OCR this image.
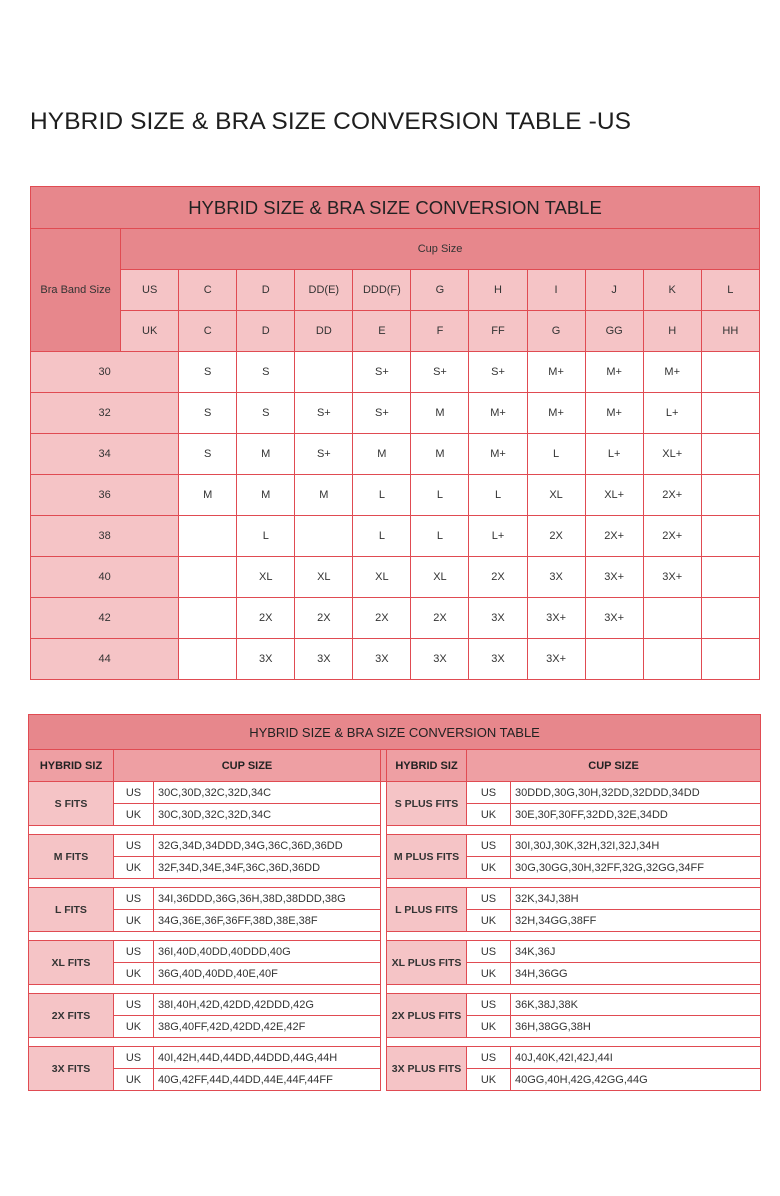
HYBRID SIZE & BRA SIZE CONVERSION TABLE -US
HYBRID SIZE & BRA SIZE CONVERSION TABLE											
Bra Band Size	Cup Size										
	US	C	D	DD(E)	DDD(F)	G	H	I	J	K	L
	UK	C	D	DD	E	F	FF	G	GG	H	HH
30		S	S		S+	S+	S+	M+	M+	M+	
32		S	S	S+	S+	M	M+	M+	M+	L+	
34		S	M	S+	M	M	M+	L	L+	XL+	
36		M	M	M	L	L	L	XL	XL+	2X+	
38			L		L	L	L+	2X	2X+	2X+	
40			XL	XL	XL	XL	2X	3X	3X+	3X+	
42			2X	2X	2X	2X	3X	3X+	3X+		
44			3X	3X	3X	3X	3X	3X+			
HYBRID SIZE & BRA SIZE CONVERSION TABLE						
HYBRID SIZ	CUP SIZE			HYBRID SIZ	CUP SIZE	
S FITS	US	30C,30D,32C,32D,34C		S PLUS FITS	US	30DDD,30G,30H,32DD,32DDD,34DD
	UK	30C,30D,32C,32D,34C			UK	30E,30F,30FF,32DD,32E,34DD

M FITS	US	32G,34D,34DDD,34G,36C,36D,36DD		M PLUS FITS	US	30I,30J,30K,32H,32I,32J,34H
	UK	32F,34D,34E,34F,36C,36D,36DD			UK	30G,30GG,30H,32FF,32G,32GG,34FF

L FITS	US	34I,36DDD,36G,36H,38D,38DDD,38G		L PLUS FITS	US	32K,34J,38H
	UK	34G,36E,36F,36FF,38D,38E,38F			UK	32H,34GG,38FF

XL FITS	US	36I,40D,40DD,40DDD,40G		XL PLUS FITS	US	34K,36J
	UK	36G,40D,40DD,40E,40F			UK	34H,36GG

2X FITS	US	38I,40H,42D,42DD,42DDD,42G		2X PLUS FITS	US	36K,38J,38K
	UK	38G,40FF,42D,42DD,42E,42F			UK	36H,38GG,38H

3X FITS	US	40I,42H,44D,44DD,44DDD,44G,44H		3X PLUS FITS	US	40J,40K,42I,42J,44I
	UK	40G,42FF,44D,44DD,44E,44F,44FF			UK	40GG,40H,42G,42GG,44G
